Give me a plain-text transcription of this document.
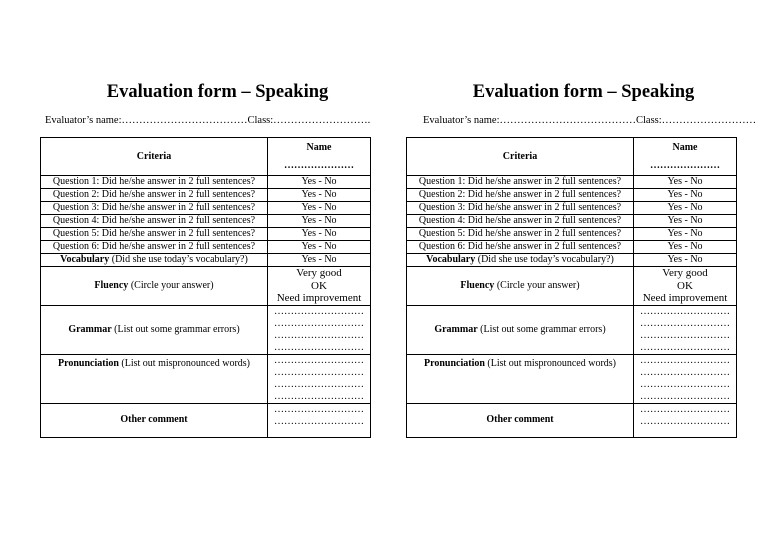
Evaluation form – Speaking
Evaluator’s name:………………………………Class:……………………….
Criteria	Name
…………………

Question 1: Did he/she answer in 2 full sentences?	Yes - No
Question 2: Did he/she answer in 2 full sentences?	Yes - No
Question 3: Did he/she answer in 2 full sentences?	Yes - No
Question 4: Did he/she answer in 2 full sentences?	Yes - No
Question 5: Did he/she answer in 2 full sentences?	Yes - No
Question 6: Did he/she answer in 2 full sentences?	Yes - No
Vocabulary (Did she use today’s vocabulary?)	Yes - No
Fluency (Circle your answer)	Very good
OK
Need improvement

Grammar (List out some grammar errors)	………………………
………………………
………………………
………………………

Pronunciation (List out mispronounced words)	………………………
………………………
………………………
………………………

Other comment	………………………
………………………
Evaluation form – Speaking
Evaluator’s name:…………………………………Class:………………………
Criteria	Name
…………………

Question 1: Did he/she answer in 2 full sentences?	Yes - No
Question 2: Did he/she answer in 2 full sentences?	Yes - No
Question 3: Did he/she answer in 2 full sentences?	Yes - No
Question 4: Did he/she answer in 2 full sentences?	Yes - No
Question 5: Did he/she answer in 2 full sentences?	Yes - No
Question 6: Did he/she answer in 2 full sentences?	Yes - No
Vocabulary (Did she use today’s vocabulary?)	Yes - No
Fluency (Circle your answer)	Very good
OK
Need improvement

Grammar (List out some grammar errors)	………………………
………………………
………………………
………………………

Pronunciation (List out mispronounced words)	………………………
………………………
………………………
………………………

Other comment	………………………
………………………
